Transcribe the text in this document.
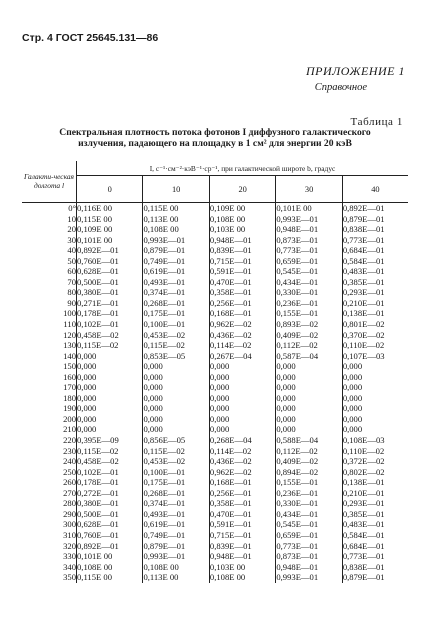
Стр. 4 ГОСТ 25645.131—86
ПРИЛОЖЕНИЕ 1
Справочное
Таблица 1
Спектральная плотность потока фотонов I диффузного галактического излучения, падающего на площадку в 1 см² для энергии 20 кэВ
Галакти-ческая долгота l	I, с⁻¹·см⁻²·кэВ⁻¹·ср⁻¹, при галактической широте b, градус				
	0	10	20	30	40
0°	0,116E 00	0,115E 00	0,109E 00	0,101E 00	0,892E—01
10	0,115E 00	0,113E 00	0,108E 00	0,993E—01	0,879E—01
20	0,109E 00	0,108E 00	0,103E 00	0,948E—01	0,838E—01
30	0,101E 00	0,993E—01	0,948E—01	0,873E—01	0,773E—01
40	0,892E—01	0,879E—01	0,839E—01	0,773E—01	0,684E—01
50	0,760E—01	0,749E—01	0,715E—01	0,659E—01	0,584E—01
60	0,628E—01	0,619E—01	0,591E—01	0,545E—01	0,483E—01
70	0,500E—01	0,493E—01	0,470E—01	0,434E—01	0,385E—01
80	0,380E—01	0,374E—01	0,358E—01	0,330E—01	0,293E—01
90	0,271E—01	0,268E—01	0,256E—01	0,236E—01	0,210E—01
100	0,178E—01	0,175E—01	0,168E—01	0,155E—01	0,138E—01
110	0,102E—01	0,100E—01	0,962E—02	0,893E—02	0,801E—02
120	0,458E—02	0,453E—02	0,436E—02	0,409E—02	0,370E—02
130	0,115E—02	0,115E—02	0,114E—02	0,112E—02	0,110E—02
140	0,000	0,853E—05	0,267E—04	0,587E—04	0,107E—03
150	0,000	0,000	0,000	0,000	0,000
160	0,000	0,000	0,000	0,000	0,000
170	0,000	0,000	0,000	0,000	0,000
180	0,000	0,000	0,000	0,000	0,000
190	0,000	0,000	0,000	0,000	0,000
200	0,000	0,000	0,000	0,000	0,000
210	0,000	0,000	0,000	0,000	0,000
220	0,395E—09	0,856E—05	0,268E—04	0,588E—04	0,108E—03
230	0,115E—02	0,115E—02	0,114E—02	0,112E—02	0,110E—02
240	0,458E—02	0,453E—02	0,436E—02	0,409E—02	0,372E—02
250	0,102E—01	0,100E—01	0,962E—02	0,894E—02	0,802E—02
260	0,178E—01	0,175E—01	0,168E—01	0,155E—01	0,138E—01
270	0,272E—01	0,268E—01	0,256E—01	0,236E—01	0,210E—01
280	0,380E—01	0,374E—01	0,358E—01	0,330E—01	0,293E—01
290	0,500E—01	0,493E—01	0,470E—01	0,434E—01	0,385E—01
300	0,628E—01	0,619E—01	0,591E—01	0,545E—01	0,483E—01
310	0,760E—01	0,749E—01	0,715E—01	0,659E—01	0,584E—01
320	0,892E—01	0,879E—01	0,839E—01	0,773E—01	0,684E—01
330	0,101E 00	0,993E—01	0,948E—01	0,873E—01	0,773E—01
340	0,108E 00	0,108E 00	0,103E 00	0,948E—01	0,838E—01
350	0,115E 00	0,113E 00	0,108E 00	0,993E—01	0,879E—01
